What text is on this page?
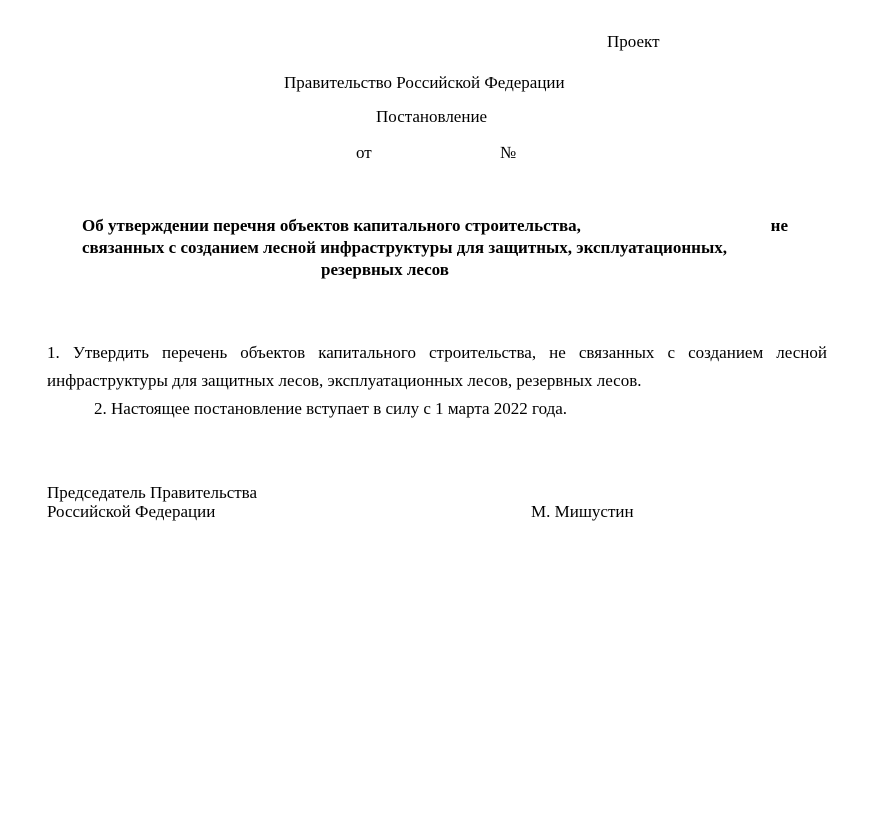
Проект
Правительство Российской Федерации
Постановление
от	№
Об утверждении перечня объектов капитального строительства,	не
связанных с созданием лесной инфраструктуры для защитных, эксплуатационных,
резервных лесов
1. Утвердить перечень объектов капитального строительства, не связанных с созданием лесной
инфраструктуры для защитных лесов, эксплуатационных лесов, резервных лесов.
2. Настоящее постановление вступает в силу с 1 марта 2022 года.
Председатель Правительства
Российской Федерации	М. Мишустин
